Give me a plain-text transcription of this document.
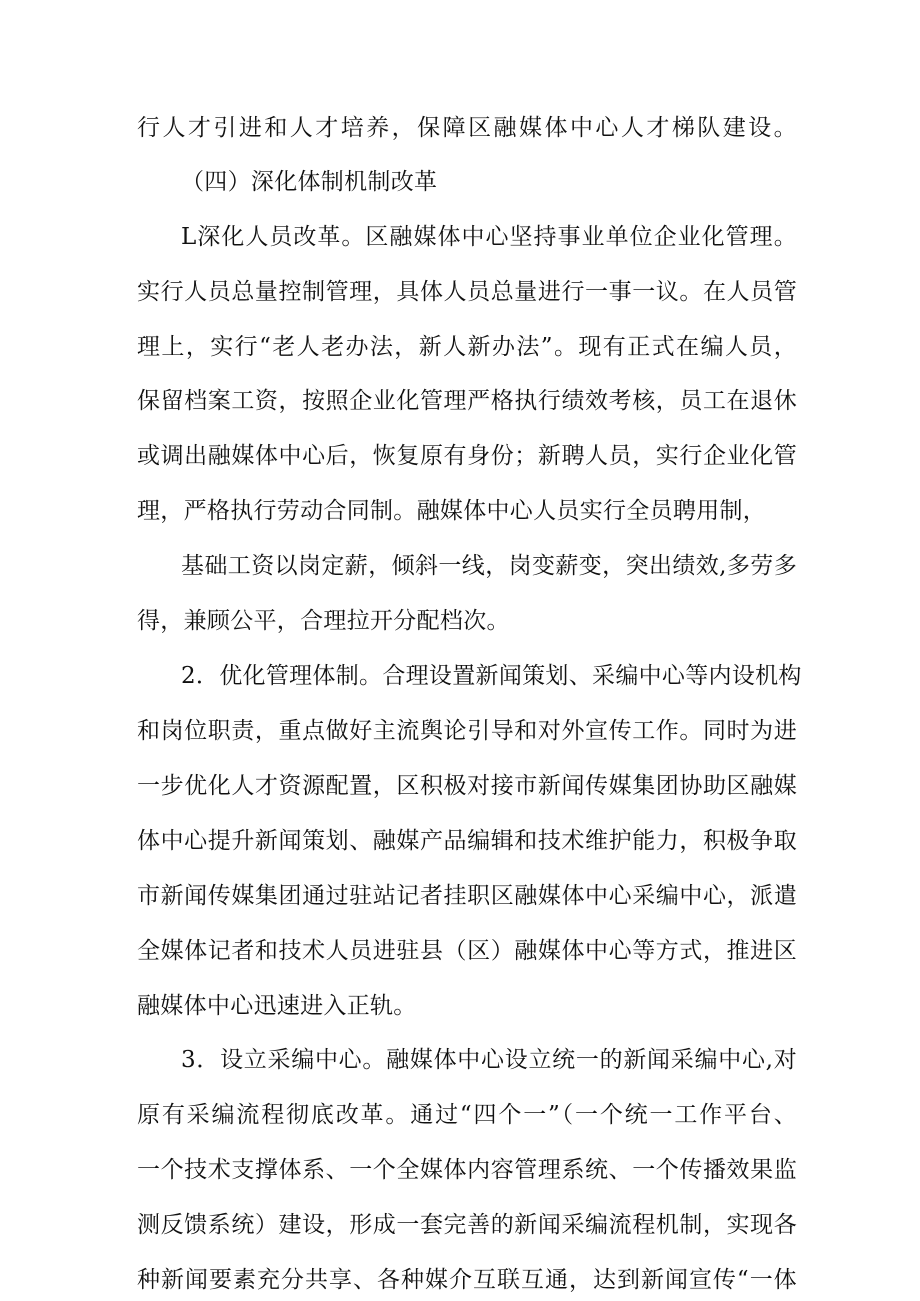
行人才引进和人才培养，保障区融媒体中心人才梯队建设。
（四）深化体制机制改革
L深化人员改革。区融媒体中心坚持事业单位企业化管理。
实行人员总量控制管理，具体人员总量进行一事一议。在人员管
理上，实行“老人老办法，新人新办法”。现有正式在编人员，
保留档案工资，按照企业化管理严格执行绩效考核，员工在退休
或调出融媒体中心后，恢复原有身份；新聘人员，实行企业化管
理，严格执行劳动合同制。融媒体中心人员实行全员聘用制，
基础工资以岗定薪，倾斜一线，岗变薪变，突出绩效,多劳多
得，兼顾公平，合理拉开分配档次。
2．优化管理体制。合理设置新闻策划、采编中心等内设机构
和岗位职责，重点做好主流舆论引导和对外宣传工作。同时为进
一步优化人才资源配置，区积极对接市新闻传媒集团协助区融媒
体中心提升新闻策划、融媒产品编辑和技术维护能力，积极争取
市新闻传媒集团通过驻站记者挂职区融媒体中心采编中心，派遣
全媒体记者和技术人员进驻县（区）融媒体中心等方式，推进区
融媒体中心迅速进入正轨。
3．设立采编中心。融媒体中心设立统一的新闻采编中心,对
原有采编流程彻底改革。通过“四个一”（一个统一工作平台、
一个技术支撑体系、一个全媒体内容管理系统、一个传播效果监
测反馈系统）建设，形成一套完善的新闻采编流程机制，实现各
种新闻要素充分共享、各种媒介互联互通，达到新闻宣传“一体
